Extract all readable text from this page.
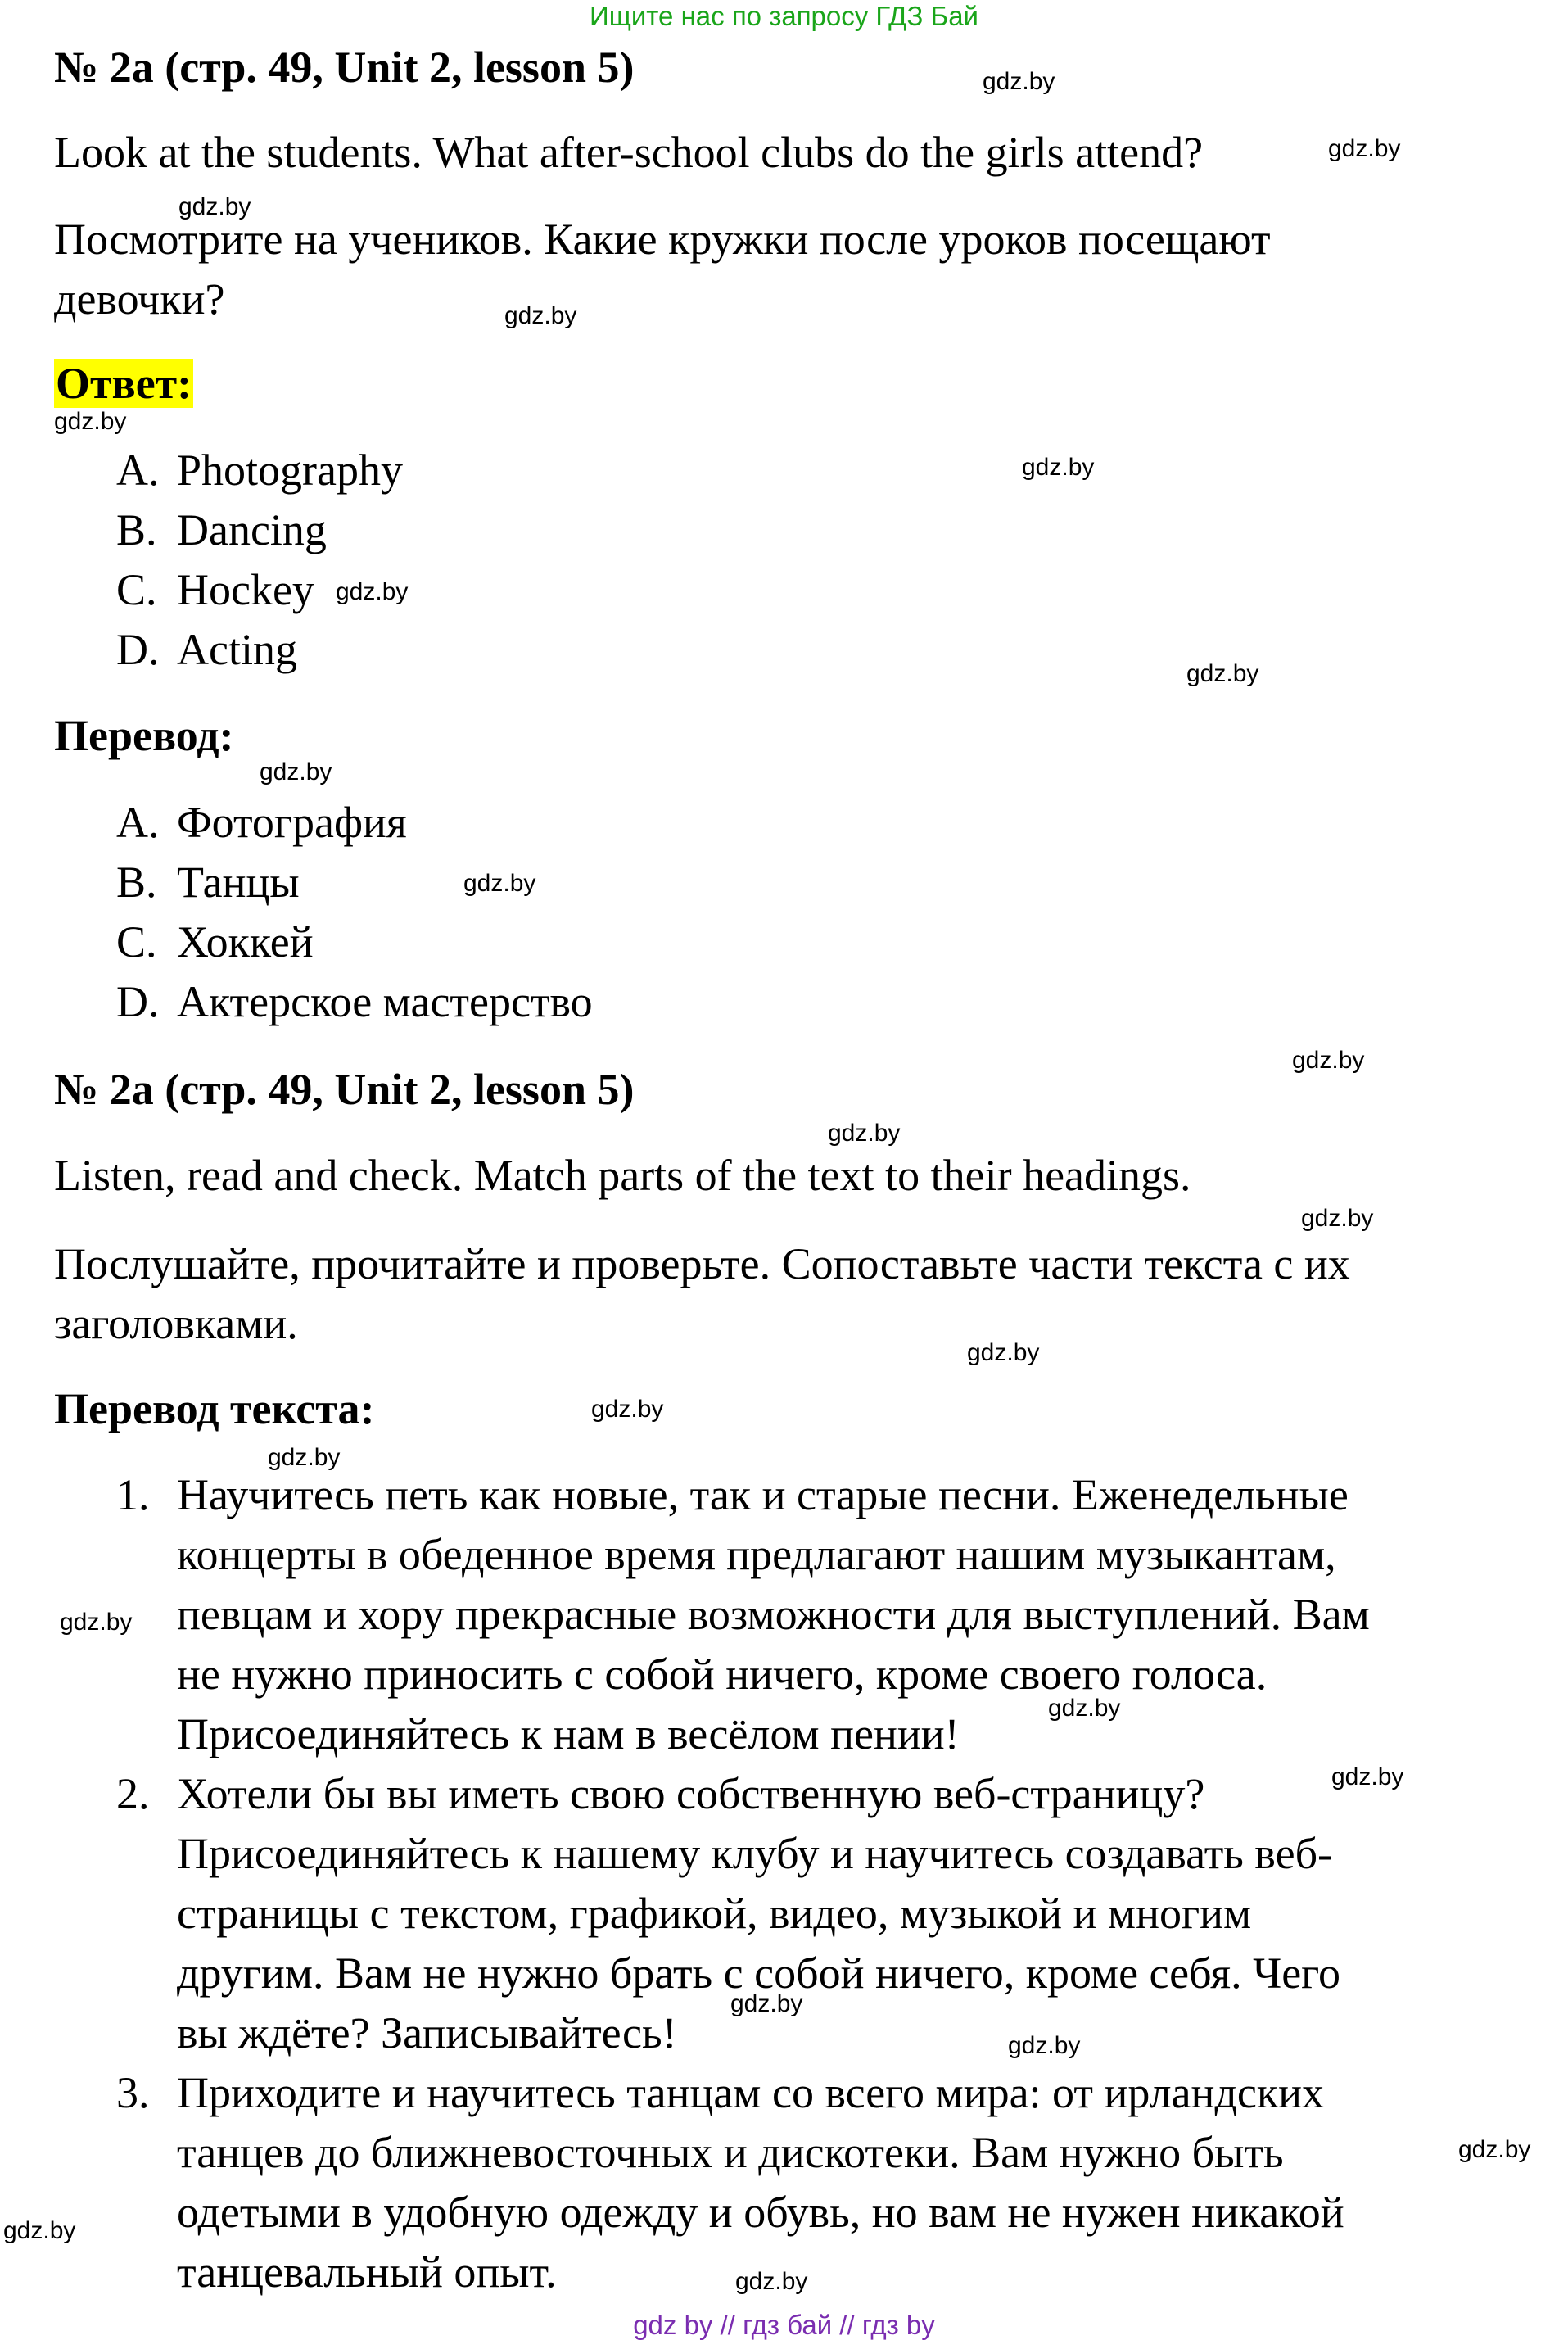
Ищите нас по запросу ГДЗ Бай
№ 2a (стр. 49, Unit 2, lesson 5)
Look at the students. What after-school clubs do the girls attend?
Посмотрите на учеников. Какие кружки после уроков посещают
девочки?
Ответ:
A. Photography
B. Dancing
C. Hockey
D. Acting
Перевод:
A. Фотография
B. Танцы
C. Хоккей
D. Актерское мастерство
№ 2a (стр. 49, Unit 2, lesson 5)
Listen, read and check. Match parts of the text to their headings.
Послушайте, прочитайте и проверьте. Сопоставьте части текста с их
заголовками.
Перевод текста:
1. Научитесь петь как новые, так и старые песни. Еженедельные
концерты в обеденное время предлагают нашим музыкантам,
певцам и хору прекрасные возможности для выступлений. Вам
не нужно приносить с собой ничего, кроме своего голоса.
Присоединяйтесь к нам в весёлом пении!
2. Хотели бы вы иметь свою собственную веб-страницу?
Присоединяйтесь к нашему клубу и научитесь создавать веб-
страницы с текстом, графикой, видео, музыкой и многим
другим. Вам не нужно брать с собой ничего, кроме себя. Чего
вы ждёте? Записывайтесь!
3. Приходите и научитесь танцам со всего мира: от ирландских
танцев до ближневосточных и дискотеки. Вам нужно быть
одетыми в удобную одежду и обувь, но вам не нужен никакой
танцевальный опыт.
gdz.by
gdz.by
gdz.by
gdz.by
gdz.by
gdz.by
gdz.by
gdz.by
gdz.by
gdz.by
gdz.by
gdz.by
gdz.by
gdz.by
gdz.by
gdz.by
gdz.by
gdz.by
gdz.by
gdz.by
gdz.by
gdz.by
gdz.by
gdz.by
gdz by // гдз бай // гдз by
